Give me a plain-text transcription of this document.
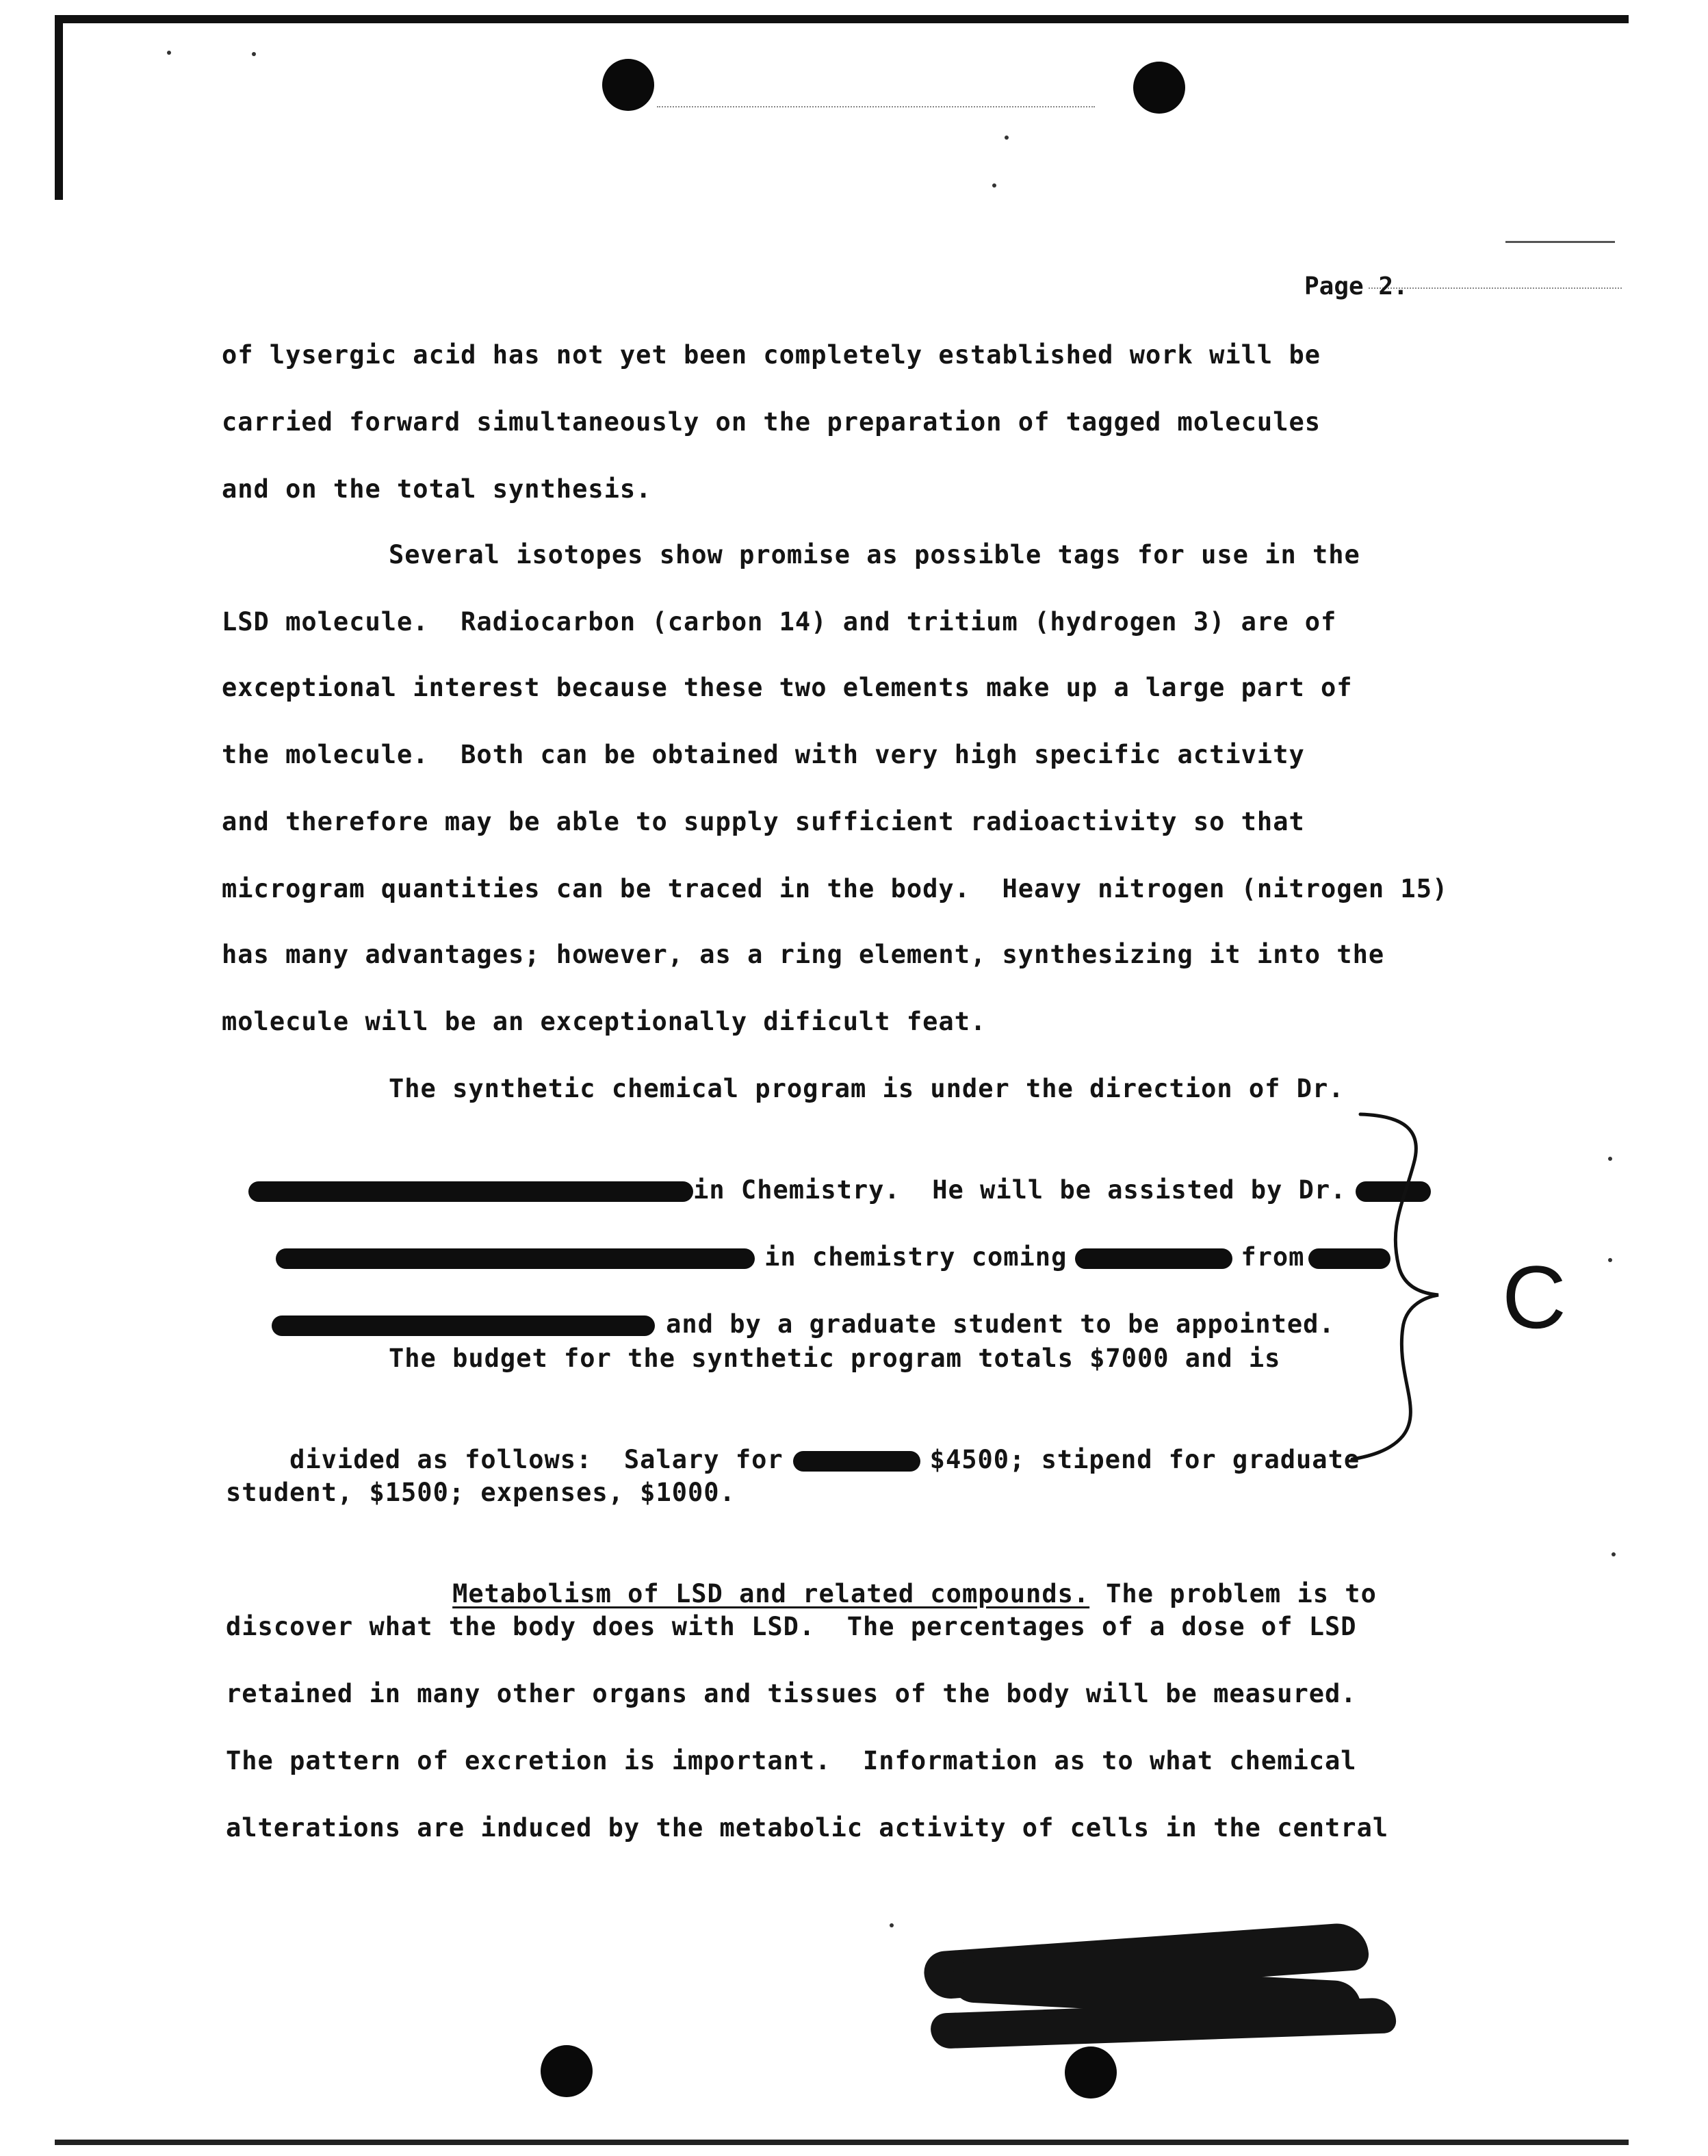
Page 2.
of lysergic acid has not yet been completely established work will be
carried forward simultaneously on the preparation of tagged molecules
and on the total synthesis.
Several isotopes show promise as possible tags for use in the
LSD molecule.  Radiocarbon (carbon 14) and tritium (hydrogen 3) are of
exceptional interest because these two elements make up a large part of
the molecule.  Both can be obtained with very high specific activity
and therefore may be able to supply sufficient radioactivity so that
microgram quantities can be traced in the body.  Heavy nitrogen (nitrogen 15)
has many advantages; however, as a ring element, synthesizing it into the
molecule will be an exceptionally dificult feat.
The synthetic chemical program is under the direction of Dr.

in Chemistry.  He will be assisted by Dr.

in chemistry coming	from

and by a graduate student to be appointed.

The budget for the synthetic program totals $7000 and is

divided as follows:  Salary for	$4500; stipend for graduate

student, $1500; expenses, $1000.

Metabolism of LSD and related compounds. The problem is to

discover what the body does with LSD.  The percentages of a dose of LSD
retained in many other organs and tissues of the body will be measured.
The pattern of excretion is important.  Information as to what chemical
alterations are induced by the metabolic activity of cells in the central
C
